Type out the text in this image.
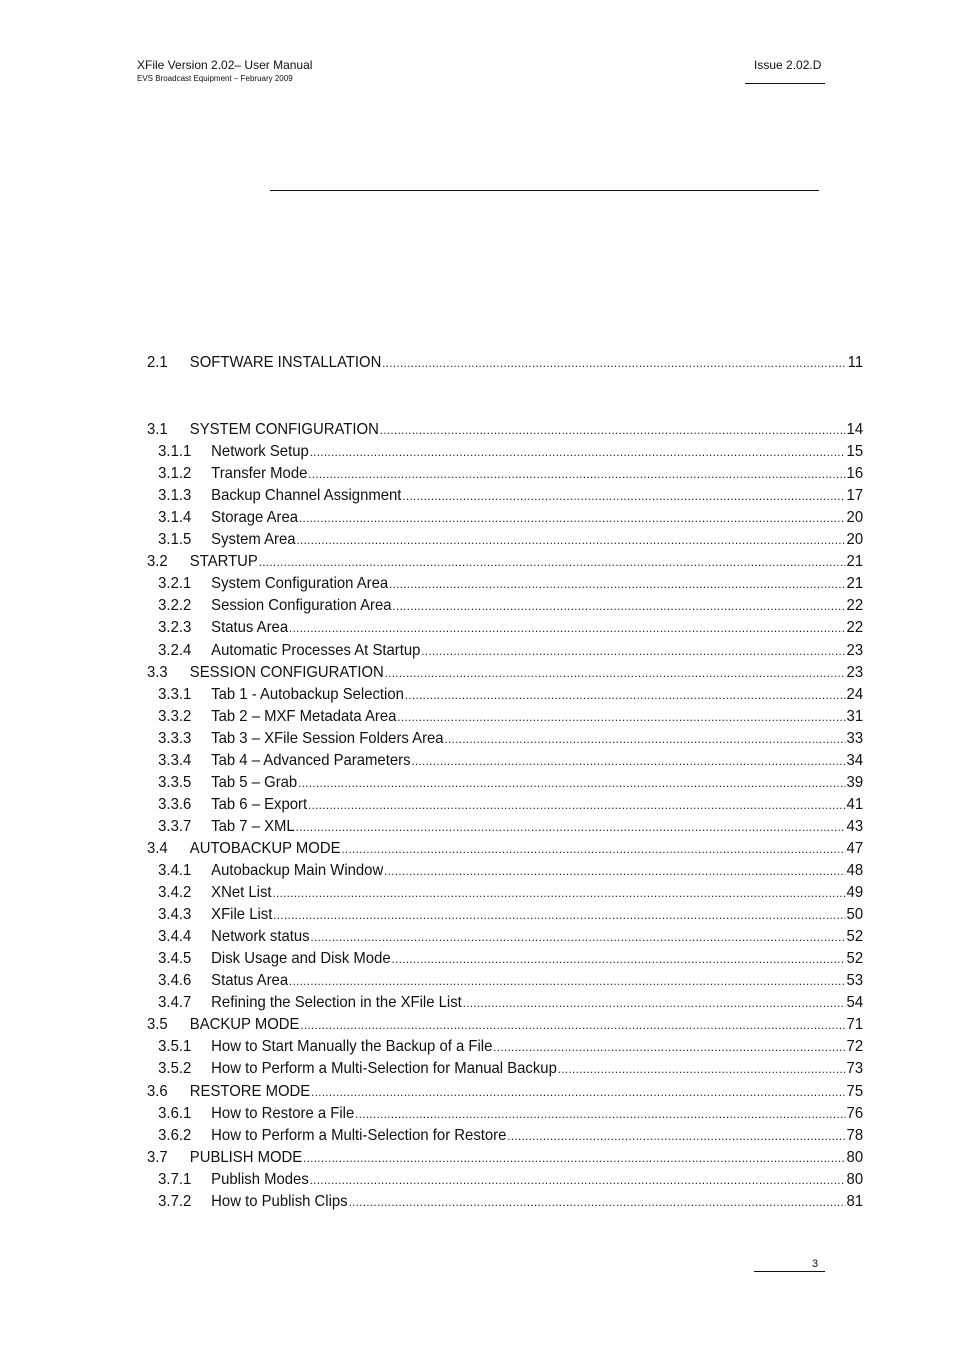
XFile Version 2.02– User Manual
EVS Broadcast Equipment – February 2009
Issue 2.02.D
2.1	SOFTWARE INSTALLATION .....	11
3.1	SYSTEM CONFIGURATION .....	14
3.1.1	Network Setup .....	15
3.1.2	Transfer Mode .....	16
3.1.3	Backup Channel Assignment .....	17
3.1.4	Storage Area .....	20
3.1.5	System Area .....	20
3.2	STARTUP .....	21
3.2.1	System Configuration Area .....	21
3.2.2	Session Configuration Area .....	22
3.2.3	Status Area .....	22
3.2.4	Automatic Processes At Startup .....	23
3.3	SESSION CONFIGURATION .....	23
3.3.1	Tab 1 - Autobackup Selection .....	24
3.3.2	Tab 2 – MXF Metadata Area .....	31
3.3.3	Tab 3 – XFile Session Folders Area .....	33
3.3.4	Tab 4 – Advanced Parameters .....	34
3.3.5	Tab 5 – Grab .....	39
3.3.6	Tab 6 – Export .....	41
3.3.7	Tab 7 – XML .....	43
3.4	AUTOBACKUP MODE .....	47
3.4.1	Autobackup Main Window .....	48
3.4.2	XNet List .....	49
3.4.3	XFile List .....	50
3.4.4	Network status .....	52
3.4.5	Disk Usage and Disk Mode .....	52
3.4.6	Status Area .....	53
3.4.7	Refining the Selection in the XFile List .....	54
3.5	BACKUP MODE .....	71
3.5.1	How to Start Manually the Backup of a File .....	72
3.5.2	How to Perform a Multi-Selection for Manual Backup .....	73
3.6	RESTORE MODE .....	75
3.6.1	How to Restore a File .....	76
3.6.2	How to Perform a Multi-Selection for Restore .....	78
3.7	PUBLISH MODE .....	80
3.7.1	Publish Modes .....	80
3.7.2	How to Publish Clips .....	81
3
